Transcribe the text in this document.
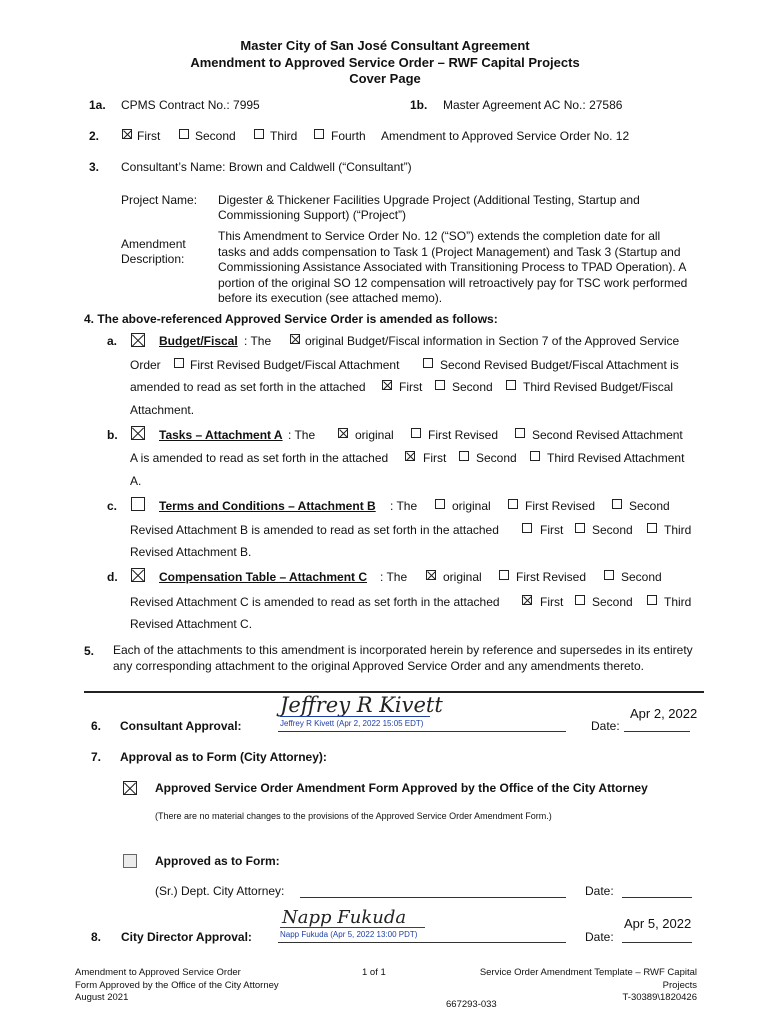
Master City of San José Consultant Agreement
Amendment to Approved Service Order – RWF Capital Projects
Cover Page
1a. CPMS Contract No.: 7995	1b. Master Agreement AC No.: 27586
2.	First	Second	Third	Fourth Amendment to Approved Service Order No. 12
3. Consultant’s Name: Brown and Caldwell (“Consultant”)
Project Name: Digester & Thickener Facilities Upgrade Project (Additional Testing, Startup and Commissioning Support) (“Project”)
Amendment Description:
This Amendment to Service Order No. 12 (“SO”) extends the completion date for all tasks and adds compensation to Task 1 (Project Management) and Task 3 (Startup and Commissioning Assistance Associated with Transitioning Process to TPAD Operation). A portion of the original SO 12 compensation will retroactively pay for TSC work performed before its execution (see attached memo).
4. The above-referenced Approved Service Order is amended as follows:
a.	Budget/Fiscal : The	original Budget/Fiscal information in Section 7 of the Approved Service
Order First Revised Budget/Fiscal Attachment	Second Revised Budget/Fiscal Attachment is
amended to read as set forth in the attached	First Second	Third Revised Budget/Fiscal
Attachment.
b.	Tasks – Attachment A : The	original	First Revised	Second Revised Attachment
A is amended to read as set forth in the attached	First Second	Third Revised Attachment
A.
c.	Terms and Conditions – Attachment B : The	original	First Revised	Second
Revised Attachment B is amended to read as set forth in the attached	First Second	Third
Revised Attachment B.
d.	Compensation Table – Attachment C : The	original	First Revised	Second
Revised Attachment C is amended to read as set forth in the attached	First Second	Third
Revised Attachment C.
5. Each of the attachments to this amendment is incorporated herein by reference and supersedes in its entirety any corresponding attachment to the original Approved Service Order and any amendments thereto.
6. Consultant Approval:
Jeffrey R Kivett
Jeffrey R Kivett (Apr 2, 2022 15:05 EDT)	Date:
Apr 2, 2022
7. Approval as to Form (City Attorney):
Approved Service Order Amendment Form Approved by the Office of the City Attorney
(There are no material changes to the provisions of the Approved Service Order Amendment Form.)
Approved as to Form:
(Sr.) Dept. City Attorney:	Date:
8. City Director Approval:
Napp Fukuda
Napp Fukuda (Apr 5, 2022 13:00 PDT)	Date:
Apr 5, 2022
Amendment to Approved Service Order
Form Approved by the Office of the City Attorney
August 2021
1 of 1
667293-033
Service Order Amendment Template – RWF Capital
Projects
T-30389\1820426
